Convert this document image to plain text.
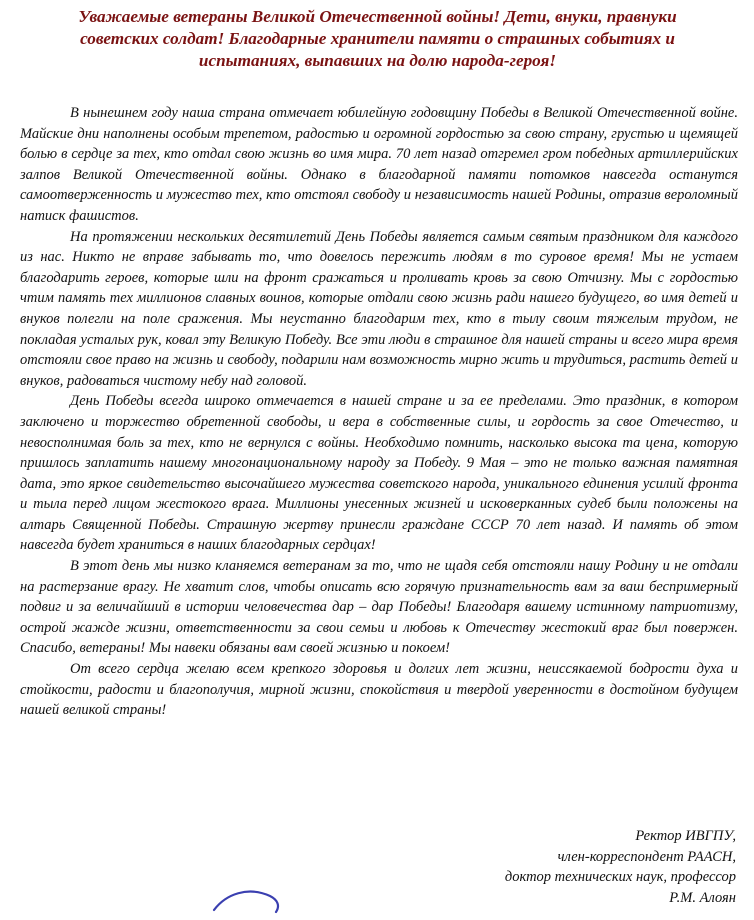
Уважаемые ветераны Великой Отечественной войны! Дети, внуки, правнуки советских солдат! Благодарные хранители памяти о страшных событиях и испытаниях, выпавших на долю народа-героя!

В нынешнем году наша страна отмечает юбилейную годовщину Победы в Великой Отечественной войне. Майские дни наполнены особым трепетом, радостью и огромной гордостью за свою страну, грустью и щемящей болью в сердце за тех, кто отдал свою жизнь во имя мира. 70 лет назад отгремел гром победных артиллерийских залпов Великой Отечественной войны. Однако в благодарной памяти потомков навсегда останутся самоотверженность и мужество тех, кто отстоял свободу и независимость нашей Родины, отразив вероломный натиск фашистов.

На протяжении нескольких десятилетий День Победы является самым святым праздником для каждого из нас. Никто не вправе забывать то, что довелось пережить людям в то суровое время! Мы не устаем благодарить героев, которые шли на фронт сражаться и проливать кровь за свою Отчизну. Мы с гордостью чтим память тех миллионов славных воинов, которые отдали свою жизнь ради нашего будущего, во имя детей и внуков полегли на поле сражения. Мы неустанно благодарим тех, кто в тылу своим тяжелым трудом, не покладая усталых рук, ковал эту Великую Победу. Все эти люди в страшное для нашей страны и всего мира время отстояли свое право на жизнь и свободу, подарили нам возможность мирно жить и трудиться, растить детей и внуков, радоваться чистому небу над головой.

День Победы всегда широко отмечается в нашей стране и за ее пределами. Это праздник, в котором заключено и торжество обретенной свободы, и вера в собственные силы, и гордость за свое Отечество, и невосполнимая боль за тех, кто не вернулся с войны. Необходимо помнить, насколько высока та цена, которую пришлось заплатить нашему многонациональному народу за Победу. 9 Мая – это не только важная памятная дата, это яркое свидетельство высочайшего мужества советского народа, уникального единения усилий фронта и тыла перед лицом жестокого врага. Миллионы унесенных жизней и исковерканных судеб были положены на алтарь Священной Победы. Страшную жертву принесли граждане СССР 70 лет назад. И память об этом навсегда будет храниться в наших благодарных сердцах!

В этот день мы низко кланяемся ветеранам за то, что не щадя себя отстояли нашу Родину и не отдали на растерзание врагу. Не хватит слов, чтобы описать всю горячую признательность вам за ваш беспримерный подвиг и за величайший в истории человечества дар – дар Победы! Благодаря вашему истинному патриотизму, острой жажде жизни, ответственности за свои семьи и любовь к Отечеству жестокий враг был повержен. Спасибо, ветераны! Мы навеки обязаны вам своей жизнью и покоем!

От всего сердца желаю всем крепкого здоровья и долгих лет жизни, неиссякаемой бодрости духа и стойкости, радости и благополучия, мирной жизни, спокойствия и твердой уверенности в достойном будущем нашей великой страны!

Ректор ИВГПУ,
член-корреспондент РААСН,
доктор технических наук, профессор
Р.М. Алоян
